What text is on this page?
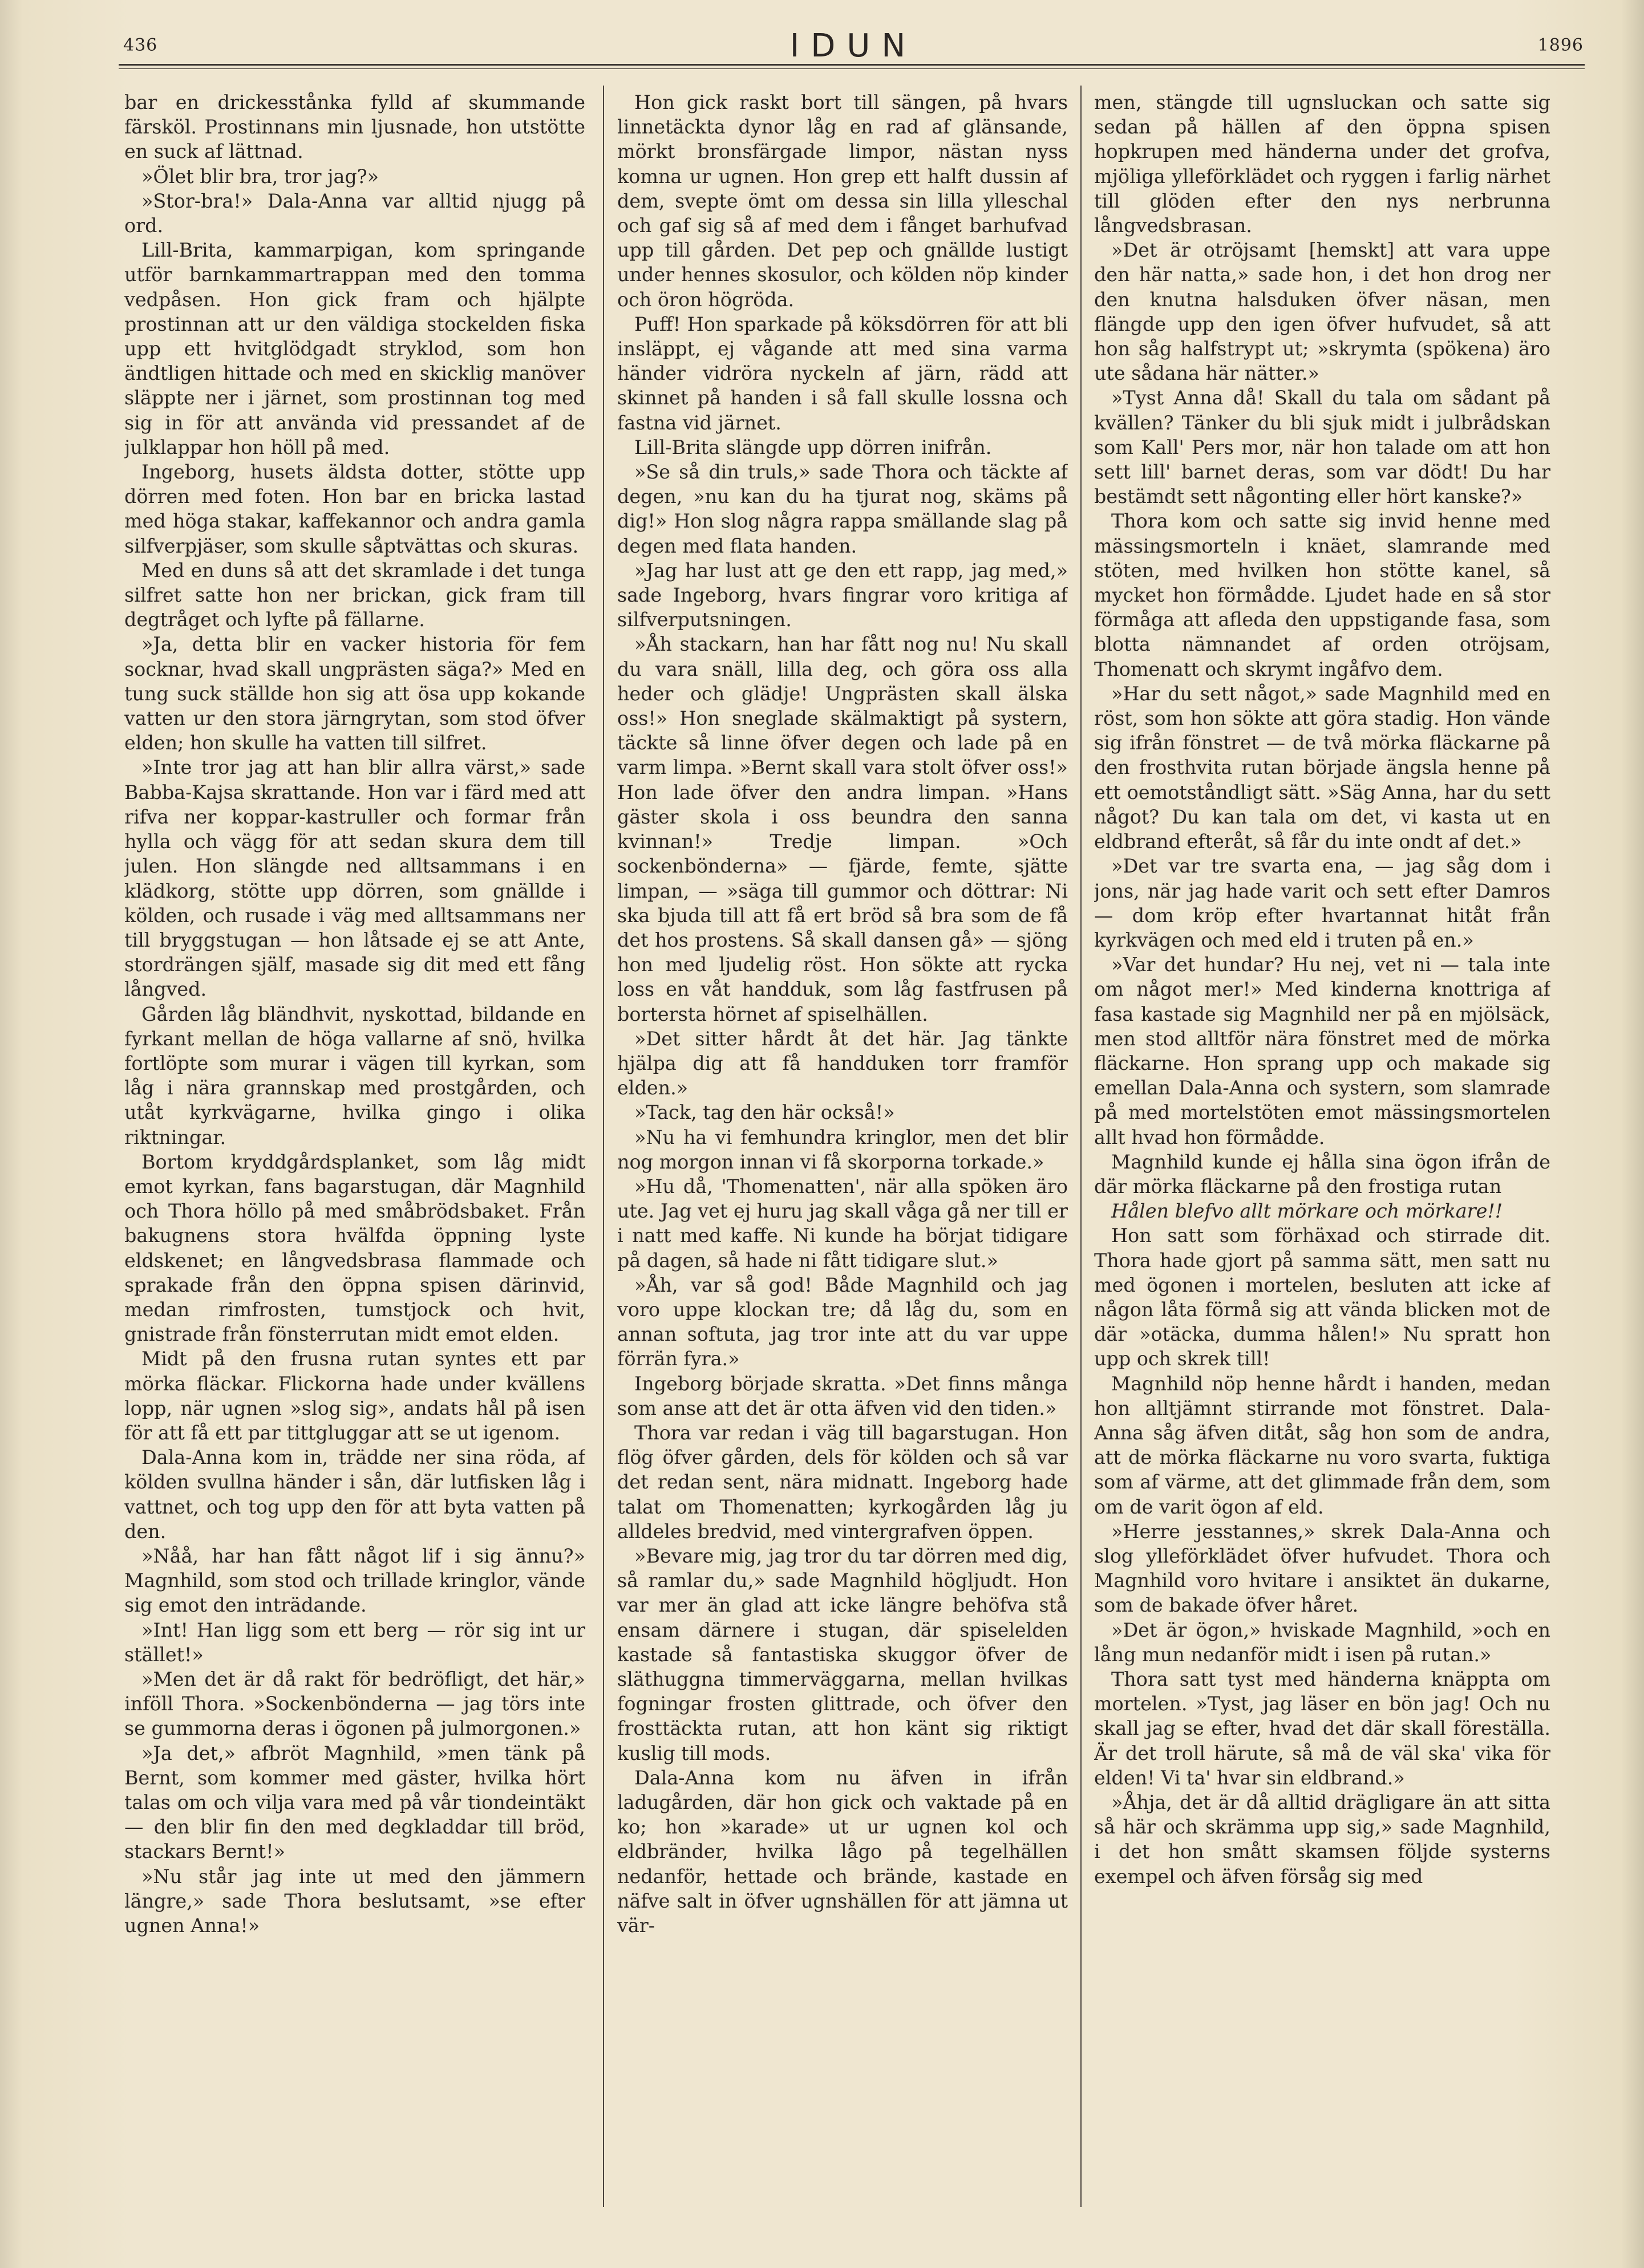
436	IDUN	1896

bar en drickesstånka fylld af skummande färsköl. Prostinnans min ljusnade, hon utstötte en suck af lättnad.

»Ölet blir bra, tror jag?»

»Stor-bra!» Dala-Anna var alltid njugg på ord.

Lill-Brita, kammarpigan, kom springande utför barnkammartrappan med den tomma vedpåsen. Hon gick fram och hjälpte prostinnan att ur den väldiga stockelden fiska upp ett hvitglödgadt stryklod, som hon ändtligen hittade och med en skicklig manöver släppte ner i järnet, som prostinnan tog med sig in för att använda vid pressandet af de julklappar hon höll på med.

Ingeborg, husets äldsta dotter, stötte upp dörren med foten. Hon bar en bricka lastad med höga stakar, kaffekannor och andra gamla silfverpjäser, som skulle såptvättas och skuras.

Med en duns så att det skramlade i det tunga silfret satte hon ner brickan, gick fram till degtråget och lyfte på fällarne.

»Ja, detta blir en vacker historia för fem socknar, hvad skall ungprästen säga?» Med en tung suck ställde hon sig att ösa upp kokande vatten ur den stora järngrytan, som stod öfver elden; hon skulle ha vatten till silfret.

»Inte tror jag att han blir allra värst,» sade Babba-Kajsa skrattande. Hon var i färd med att rifva ner koppar-kastruller och formar från hylla och vägg för att sedan skura dem till julen. Hon slängde ned alltsammans i en klädkorg, stötte upp dörren, som gnällde i kölden, och rusade i väg med alltsammans ner till bryggstugan — hon låtsade ej se att Ante, stordrängen själf, masade sig dit med ett fång långved.

Gården låg bländhvit, nyskottad, bildande en fyrkant mellan de höga vallarne af snö, hvilka fortlöpte som murar i vägen till kyrkan, som låg i nära grannskap med prostgården, och utåt kyrkvägarne, hvilka gingo i olika riktningar.

Bortom kryddgårdsplanket, som låg midt emot kyrkan, fans bagarstugan, där Magnhild och Thora höllo på med småbrödsbaket. Från bakugnens stora hvälfda öppning lyste eldskenet; en långvedsbrasa flammade och sprakade från den öppna spisen därinvid, medan rimfrosten, tumstjock och hvit, gnistrade från fönsterrutan midt emot elden.

Midt på den frusna rutan syntes ett par mörka fläckar. Flickorna hade under kvällens lopp, när ugnen »slog sig», andats hål på isen för att få ett par tittgluggar att se ut igenom.

Dala-Anna kom in, trädde ner sina röda, af kölden svullna händer i sån, där lutfisken låg i vattnet, och tog upp den för att byta vatten på den.

»Nåå, har han fått något lif i sig ännu?» Magnhild, som stod och trillade kringlor, vände sig emot den inträdande.

»Int! Han ligg som ett berg — rör sig int ur stället!»

»Men det är då rakt för bedröfligt, det här,» inföll Thora. »Sockenbönderna — jag törs inte se gummorna deras i ögonen på julmorgonen.»

»Ja det,» afbröt Magnhild, »men tänk på Bernt, som kommer med gäster, hvilka hört talas om och vilja vara med på vår tiondeintäkt — den blir fin den med degkladdar till bröd, stackars Bernt!»

»Nu står jag inte ut med den jämmern längre,» sade Thora beslutsamt, »se efter ugnen Anna!»

Hon gick raskt bort till sängen, på hvars linnetäckta dynor låg en rad af glänsande, mörkt bronsfärgade limpor, nästan nyss komna ur ugnen. Hon grep ett halft dussin af dem, svepte ömt om dessa sin lilla ylleschal och gaf sig så af med dem i fånget barhufvad upp till gården. Det pep och gnällde lustigt under hennes skosulor, och kölden nöp kinder och öron högröda.

Puff! Hon sparkade på köksdörren för att bli insläppt, ej vågande att med sina varma händer vidröra nyckeln af järn, rädd att skinnet på handen i så fall skulle lossna och fastna vid järnet.

Lill-Brita slängde upp dörren inifrån.

»Se så din truls,» sade Thora och täckte af degen, »nu kan du ha tjurat nog, skäms på dig!» Hon slog några rappa smällande slag på degen med flata handen.

»Jag har lust att ge den ett rapp, jag med,» sade Ingeborg, hvars fingrar voro kritiga af silfverputsningen.

»Åh stackarn, han har fått nog nu! Nu skall du vara snäll, lilla deg, och göra oss alla heder och glädje! Ungprästen skall älska oss!» Hon sneglade skälmaktigt på systern, täckte så linne öfver degen och lade på en varm limpa. »Bernt skall vara stolt öfver oss!» Hon lade öfver den andra limpan. »Hans gäster skola i oss beundra den sanna kvinnan!» Tredje limpan. »Och sockenbönderna» — fjärde, femte, sjätte limpan, — »säga till gummor och döttrar: Ni ska bjuda till att få ert bröd så bra som de få det hos prostens. Så skall dansen gå» — sjöng hon med ljudelig röst. Hon sökte att rycka loss en våt handduk, som låg fastfrusen på bortersta hörnet af spiselhällen.

»Det sitter hårdt åt det här. Jag tänkte hjälpa dig att få handduken torr framför elden.»

»Tack, tag den här också!»

»Nu ha vi femhundra kringlor, men det blir nog morgon innan vi få skorporna torkade.»

»Hu då, 'Thomenatten', när alla spöken äro ute. Jag vet ej huru jag skall våga gå ner till er i natt med kaffe. Ni kunde ha börjat tidigare på dagen, så hade ni fått tidigare slut.»

»Åh, var så god! Både Magnhild och jag voro uppe klockan tre; då låg du, som en annan softuta, jag tror inte att du var uppe förrän fyra.»

Ingeborg började skratta. »Det finns många som anse att det är otta äfven vid den tiden.»

Thora var redan i väg till bagarstugan. Hon flög öfver gården, dels för kölden och så var det redan sent, nära midnatt. Ingeborg hade talat om Thomenatten; kyrkogården låg ju alldeles bredvid, med vintergrafven öppen.

»Bevare mig, jag tror du tar dörren med dig, så ramlar du,» sade Magnhild högljudt. Hon var mer än glad att icke längre behöfva stå ensam därnere i stugan, där spiselelden kastade så fantastiska skuggor öfver de släthuggna timmerväggarna, mellan hvilkas fogningar frosten glittrade, och öfver den frosttäckta rutan, att hon känt sig riktigt kuslig till mods.

Dala-Anna kom nu äfven in ifrån ladugården, där hon gick och vaktade på en ko; hon »karade» ut ur ugnen kol och eldbränder, hvilka lågo på tegelhällen nedanför, hettade och brände, kastade en näfve salt in öfver ugnshällen för att jämna ut vär-

men, stängde till ugnsluckan och satte sig sedan på hällen af den öppna spisen hopkrupen med händerna under det grofva, mjöliga ylleförklädet och ryggen i farlig närhet till glöden efter den nys nerbrunna långvedsbrasan.

»Det är otröjsamt [hemskt] att vara uppe den här natta,» sade hon, i det hon drog ner den knutna halsduken öfver näsan, men flängde upp den igen öfver hufvudet, så att hon såg halfstrypt ut; »skrymta (spökena) äro ute sådana här nätter.»

»Tyst Anna då! Skall du tala om sådant på kvällen? Tänker du bli sjuk midt i julbrådskan som Kall' Pers mor, när hon talade om att hon sett lill' barnet deras, som var dödt! Du har bestämdt sett någonting eller hört kanske?»

Thora kom och satte sig invid henne med mässingsmorteln i knäet, slamrande med stöten, med hvilken hon stötte kanel, så mycket hon förmådde. Ljudet hade en så stor förmåga att afleda den uppstigande fasa, som blotta nämnandet af orden otröjsam, Thomenatt och skrymt ingåfvo dem.

»Har du sett något,» sade Magnhild med en röst, som hon sökte att göra stadig. Hon vände sig ifrån fönstret — de två mörka fläckarne på den frosthvita rutan började ängsla henne på ett oemotståndligt sätt. »Säg Anna, har du sett något? Du kan tala om det, vi kasta ut en eldbrand efteråt, så får du inte ondt af det.»

»Det var tre svarta ena, — jag såg dom i jons, när jag hade varit och sett efter Damros — dom kröp efter hvartannat hitåt från kyrkvägen och med eld i truten på en.»

»Var det hundar? Hu nej, vet ni — tala inte om något mer!» Med kinderna knottriga af fasa kastade sig Magnhild ner på en mjölsäck, men stod alltför nära fönstret med de mörka fläckarne. Hon sprang upp och makade sig emellan Dala-Anna och systern, som slamrade på med mortelstöten emot mässingsmortelen allt hvad hon förmådde.

Magnhild kunde ej hålla sina ögon ifrån de där mörka fläckarne på den frostiga rutan

Hålen blefvo allt mörkare och mörkare!!

Hon satt som förhäxad och stirrade dit. Thora hade gjort på samma sätt, men satt nu med ögonen i mortelen, besluten att icke af någon låta förmå sig att vända blicken mot de där »otäcka, dumma hålen!» Nu spratt hon upp och skrek till!

Magnhild nöp henne hårdt i handen, medan hon alltjämnt stirrande mot fönstret. Dala-Anna såg äfven ditåt, såg hon som de andra, att de mörka fläckarne nu voro svarta, fuktiga som af värme, att det glimmade från dem, som om de varit ögon af eld.

»Herre jesstannes,» skrek Dala-Anna och slog ylleförklädet öfver hufvudet. Thora och Magnhild voro hvitare i ansiktet än dukarne, som de bakade öfver håret.

»Det är ögon,» hviskade Magnhild, »och en lång mun nedanför midt i isen på rutan.»

Thora satt tyst med händerna knäppta om mortelen. »Tyst, jag läser en bön jag! Och nu skall jag se efter, hvad det där skall föreställa. Är det troll härute, så må de väl ska' vika för elden! Vi ta' hvar sin eldbrand.»

»Åhja, det är då alltid drägligare än att sitta så här och skrämma upp sig,» sade Magnhild, i det hon smått skamsen följde systerns exempel och äfven försåg sig med
